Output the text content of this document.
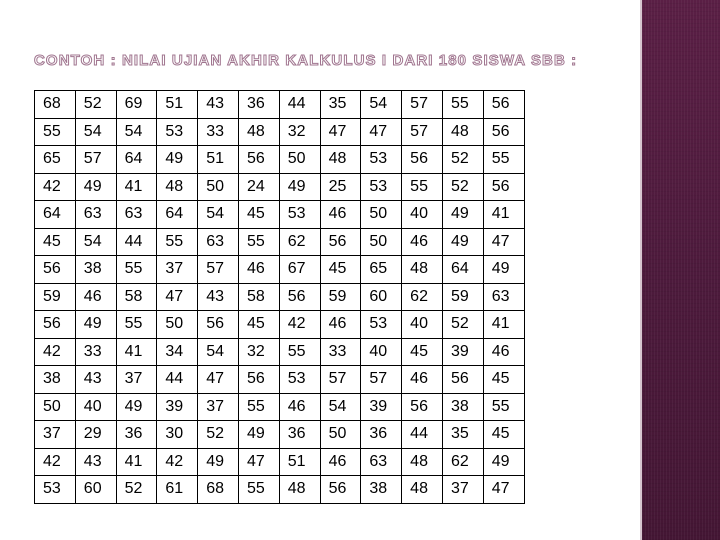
CONTOH : NILAI UJIAN AKHIR KALKULUS I DARI 180 SISWA SBB :
68	52	69	51	43	36	44	35	54	57	55	56
55	54	54	53	33	48	32	47	47	57	48	56
65	57	64	49	51	56	50	48	53	56	52	55
42	49	41	48	50	24	49	25	53	55	52	56
64	63	63	64	54	45	53	46	50	40	49	41
45	54	44	55	63	55	62	56	50	46	49	47
56	38	55	37	57	46	67	45	65	48	64	49
59	46	58	47	43	58	56	59	60	62	59	63
56	49	55	50	56	45	42	46	53	40	52	41
42	33	41	34	54	32	55	33	40	45	39	46
38	43	37	44	47	56	53	57	57	46	56	45
50	40	49	39	37	55	46	54	39	56	38	55
37	29	36	30	52	49	36	50	36	44	35	45
42	43	41	42	49	47	51	46	63	48	62	49
53	60	52	61	68	55	48	56	38	48	37	47
